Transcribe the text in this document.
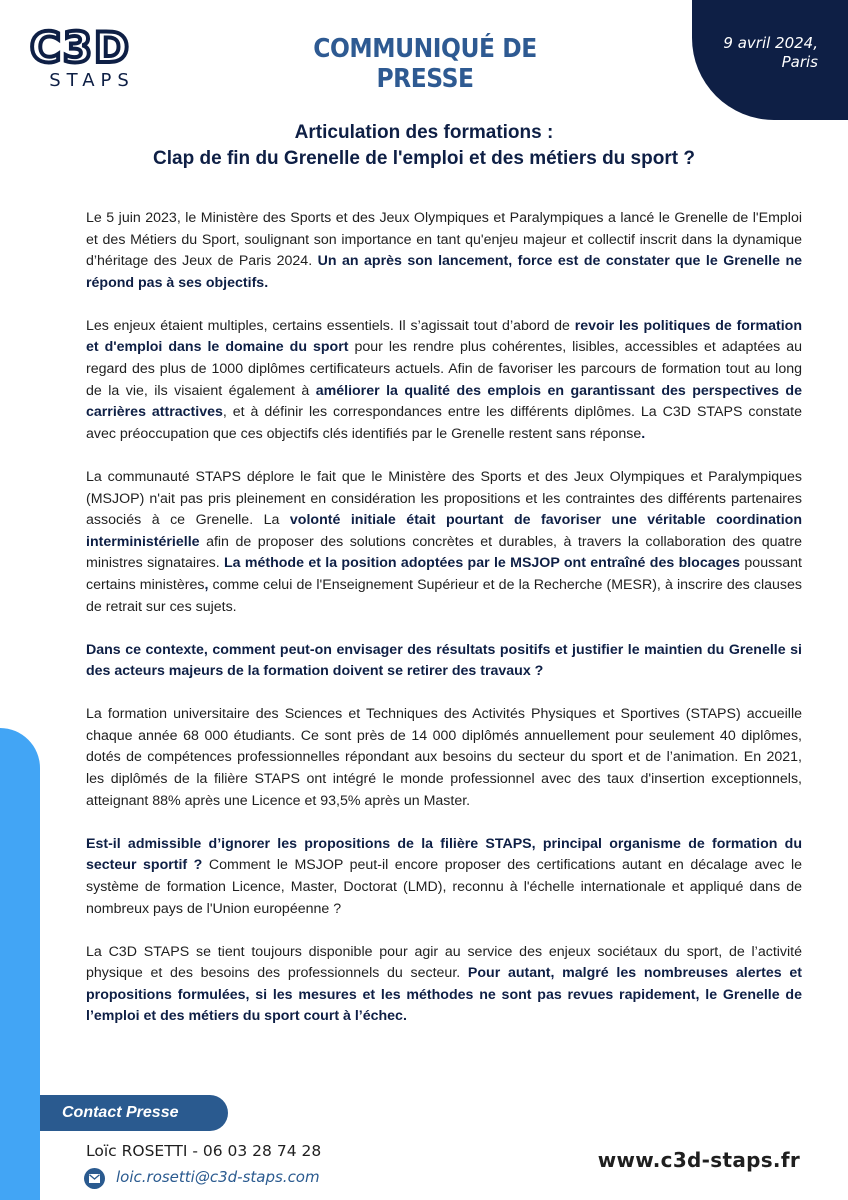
9 avril 2024,
Paris
C3D
STAPS
COMMUNIQUÉ DE PRESSE
Articulation des formations :
Clap de fin du Grenelle de l'emploi et des métiers du sport ?

Le 5 juin 2023, le Ministère des Sports et des Jeux Olympiques et Paralympiques a lancé le Grenelle de l'Emploi et des Métiers du Sport, soulignant son importance en tant qu'enjeu majeur et collectif inscrit dans la dynamique d’héritage des Jeux de Paris 2024. Un an après son lancement, force est de constater que le Grenelle ne répond pas à ses objectifs.

Les enjeux étaient multiples, certains essentiels. Il s’agissait tout d’abord de revoir les politiques de formation et d'emploi dans le domaine du sport pour les rendre plus cohérentes, lisibles, accessibles et adaptées au regard des plus de 1000 diplômes certificateurs actuels. Afin de favoriser les parcours de formation tout au long de la vie, ils visaient également à améliorer la qualité des emplois en garantissant des perspectives de carrières attractives, et à définir les correspondances entre les différents diplômes. La C3D STAPS constate avec préoccupation que ces objectifs clés identifiés par le Grenelle restent sans réponse.

La communauté STAPS déplore le fait que le Ministère des Sports et des Jeux Olympiques et Paralympiques (MSJOP) n'ait pas pris pleinement en considération les propositions et les contraintes des différents partenaires associés à ce Grenelle. La volonté initiale était pourtant de favoriser une véritable coordination interministérielle afin de proposer des solutions concrètes et durables, à travers la collaboration des quatre ministres signataires. La méthode et la position adoptées par le MSJOP ont entraîné des blocages poussant certains ministères, comme celui de l'Enseignement Supérieur et de la Recherche (MESR), à inscrire des clauses de retrait sur ces sujets.

Dans ce contexte, comment peut-on envisager des résultats positifs et justifier le maintien du Grenelle si des acteurs majeurs de la formation doivent se retirer des travaux ?

La formation universitaire des Sciences et Techniques des Activités Physiques et Sportives (STAPS) accueille chaque année 68 000 étudiants. Ce sont près de 14 000 diplômés annuellement pour seulement 40 diplômes, dotés de compétences professionnelles répondant aux besoins du secteur du sport et de l’animation. En 2021, les diplômés de la filière STAPS ont intégré le monde professionnel avec des taux d'insertion exceptionnels, atteignant 88% après une Licence et 93,5% après un Master.

Est-il admissible d’ignorer les propositions de la filière STAPS, principal organisme de formation du secteur sportif ? Comment le MSJOP peut-il encore proposer des certifications autant en décalage avec le système de formation Licence, Master, Doctorat (LMD), reconnu à l'échelle internationale et appliqué dans de nombreux pays de l'Union européenne ?

La C3D STAPS se tient toujours disponible pour agir au service des enjeux sociétaux du sport, de l’activité physique et des besoins des professionnels du secteur. Pour autant, malgré les nombreuses alertes et propositions formulées, si les mesures et les méthodes ne sont pas revues rapidement, le Grenelle de l’emploi et des métiers du sport court à l’échec.

Contact Presse
Loïc ROSETTI - 06 03 28 74 28
loic.rosetti@c3d-staps.com
www.c3d-staps.fr
